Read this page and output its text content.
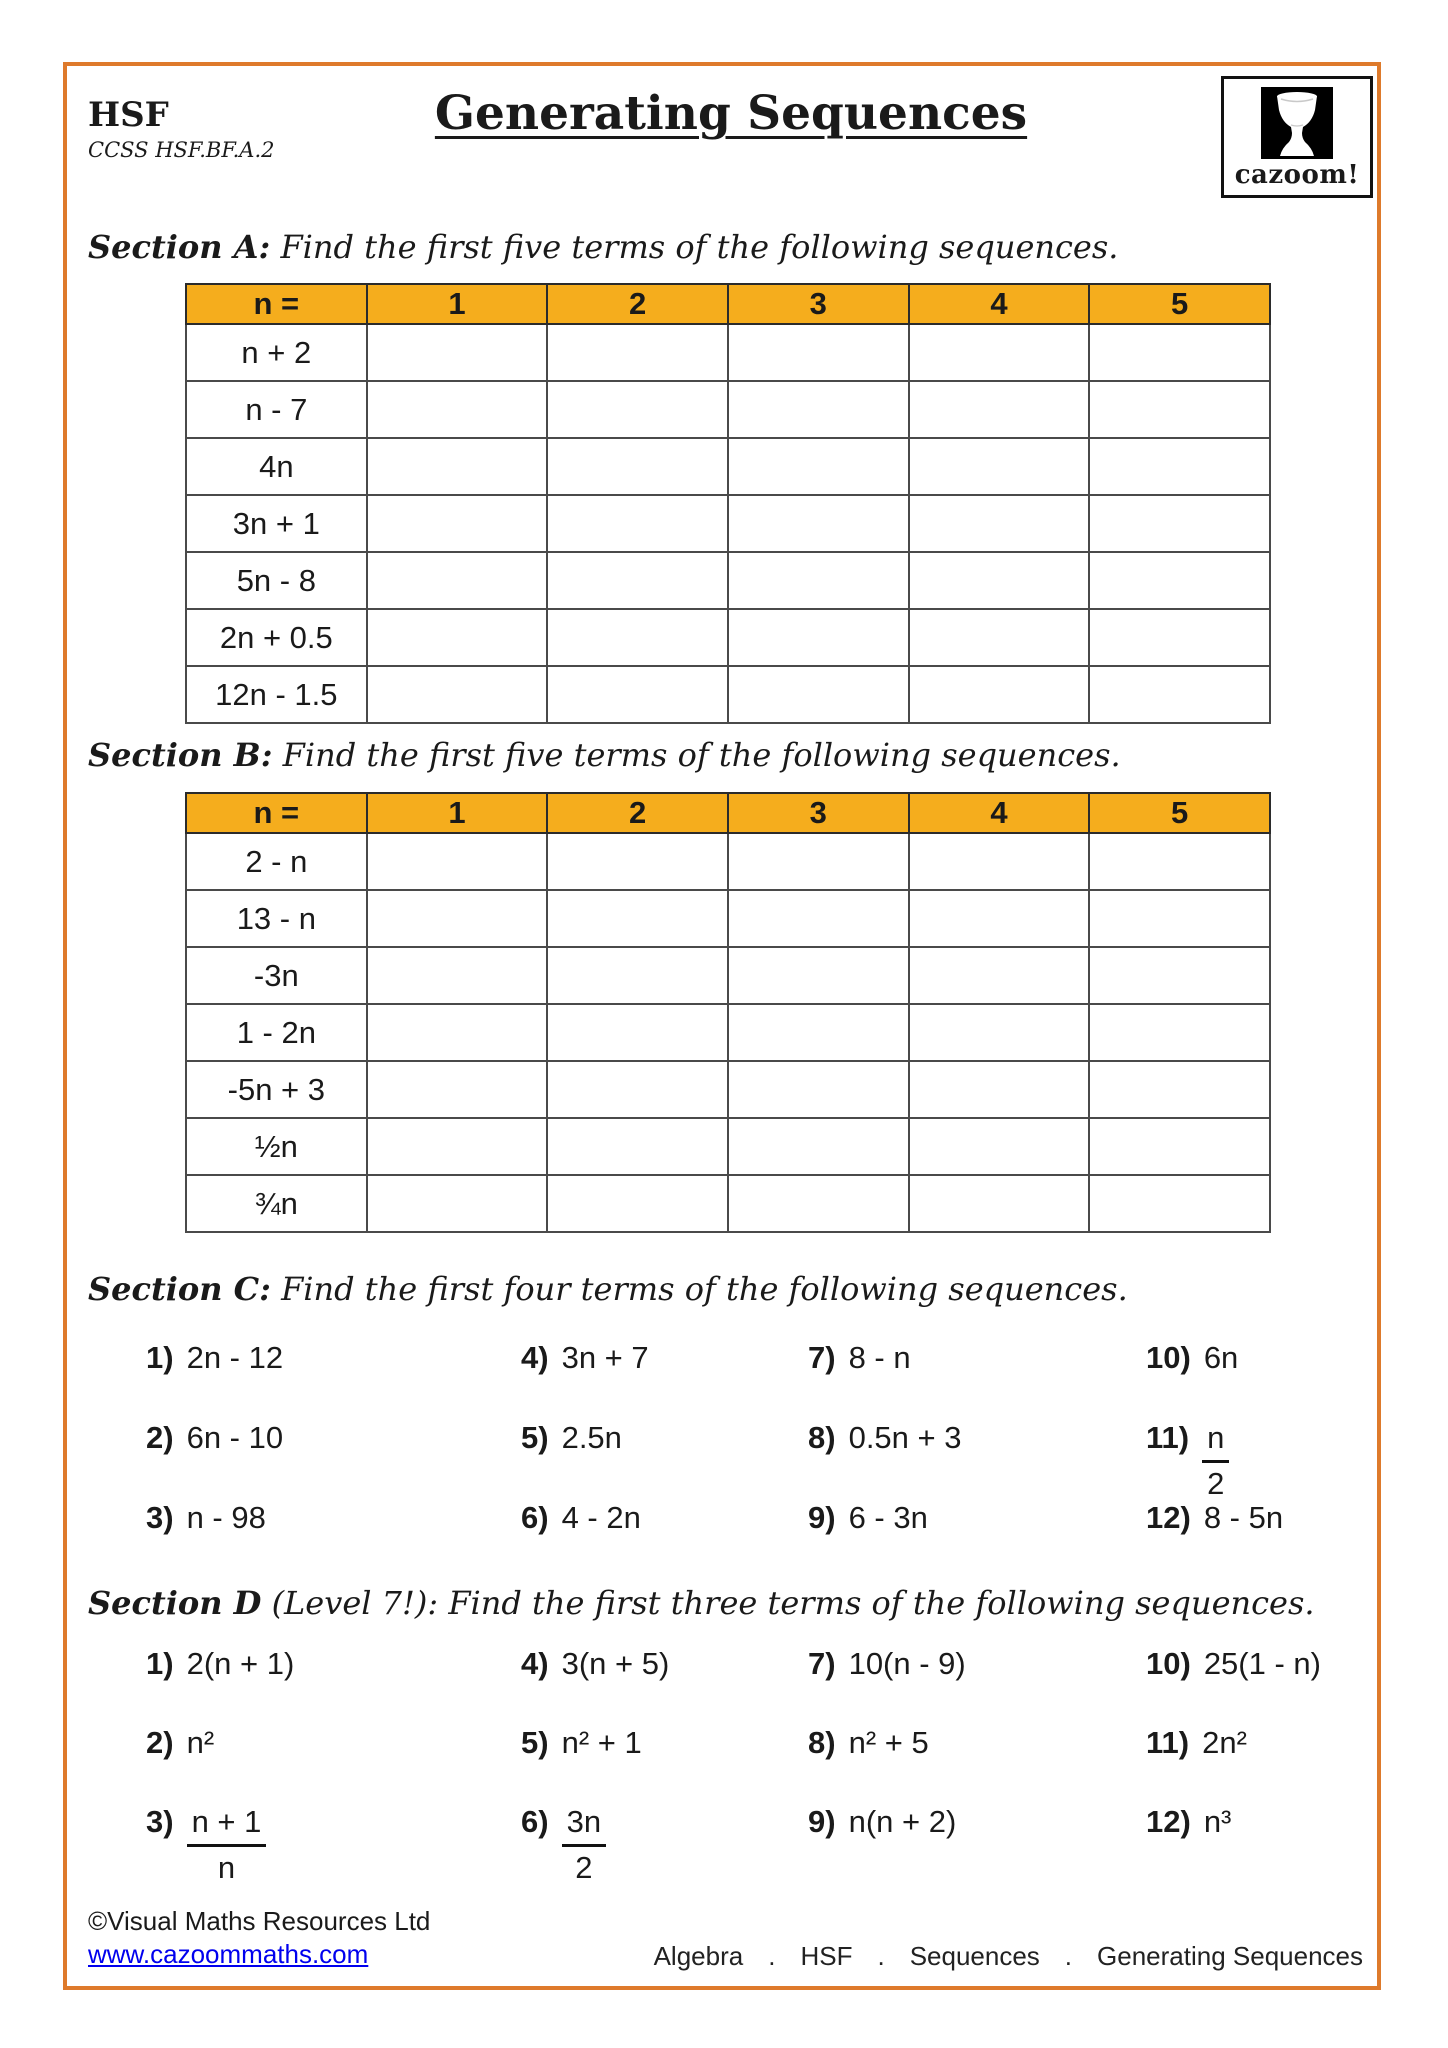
HSF
CCSS HSF.BF.A.2
Generating Sequences
cazoom!
Section A: Find the first five terms of the following sequences.
n =	1	2	3	4	5
n + 2					
n - 7					
4n					
3n + 1					
5n - 8					
2n + 0.5					
12n - 1.5					
Section B: Find the first five terms of the following sequences.
n =	1	2	3	4	5
2 - n					
13 - n					
-3n					
1 - 2n					
-5n + 3					
½n					
¾n					
Section C: Find the first four terms of the following sequences.
1) 2n - 12	4) 3n + 7	7) 8 - n	10) 6n
2) 6n - 10	5) 2.5n	8) 0.5n + 3	$11) \frac{n}{2}$
3) n - 98	6) 4 - 2n	9) 6 - 3n	12) 8 - 5n
Section D (Level 7!): Find the first three terms of the following sequences.
1) 2(n + 1)	4) 3(n + 5)	7) 10(n - 9)	10) 25(1 - n)
2) n²	5) n² + 1	8) n² + 5	11) 2n²
$3) \frac{n + 1}{n}$	$6) \frac{3n}{2}$	9) n(n + 2)	12) n³
©Visual Maths Resources Ltd
www.cazoommaths.com	Algebra . HSF . Sequences . Generating Sequences
